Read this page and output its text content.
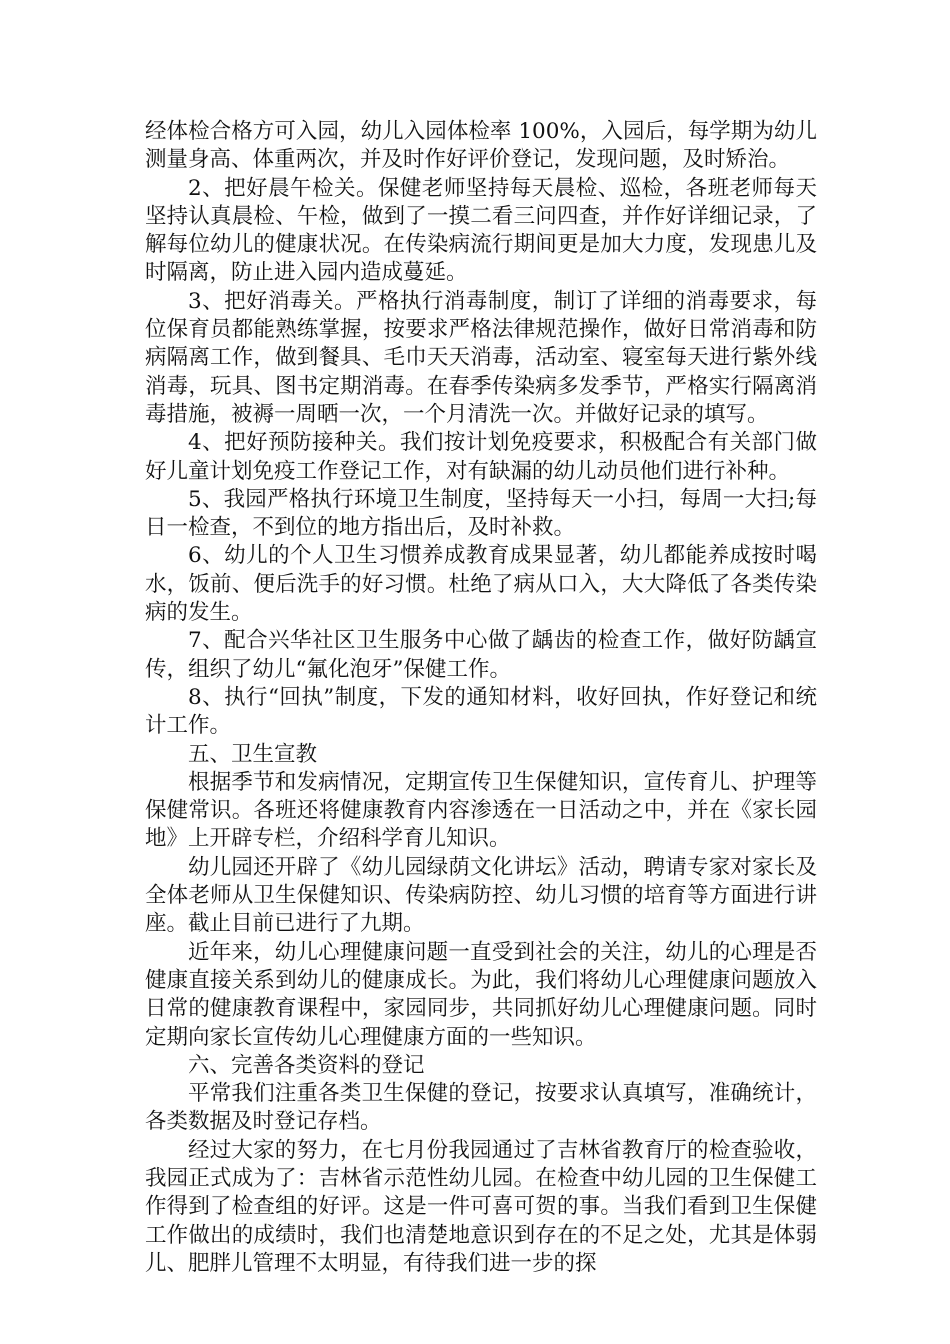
经体检合格方可入园，幼儿入园体检率 100%，入园后，每学期为幼儿测量身高、体重两次，并及时作好评价登记，发现问题，及时矫治。

2、把好晨午检关。保健老师坚持每天晨检、巡检，各班老师每天坚持认真晨检、午检，做到了一摸二看三问四查，并作好详细记录，了解每位幼儿的健康状况。在传染病流行期间更是加大力度，发现患儿及时隔离，防止进入园内造成蔓延。

3、把好消毒关。严格执行消毒制度，制订了详细的消毒要求，每位保育员都能熟练掌握，按要求严格法律规范操作，做好日常消毒和防病隔离工作，做到餐具、毛巾天天消毒，活动室、寝室每天进行紫外线消毒，玩具、图书定期消毒。在春季传染病多发季节，严格实行隔离消毒措施，被褥一周晒一次，一个月清洗一次。并做好记录的填写。

4、把好预防接种关。我们按计划免疫要求，积极配合有关部门做好儿童计划免疫工作登记工作，对有缺漏的幼儿动员他们进行补种。

5、我园严格执行环境卫生制度，坚持每天一小扫，每周一大扫;每日一检查，不到位的地方指出后，及时补救。

6、幼儿的个人卫生习惯养成教育成果显著，幼儿都能养成按时喝水，饭前、便后洗手的好习惯。杜绝了病从口入，大大降低了各类传染病的发生。

7、配合兴华社区卫生服务中心做了龋齿的检查工作，做好防龋宣传，组织了幼儿“氟化泡牙”保健工作。

8、执行“回执”制度，下发的通知材料，收好回执，作好登记和统计工作。

五、卫生宣教

根据季节和发病情况，定期宣传卫生保健知识，宣传育儿、护理等保健常识。各班还将健康教育内容渗透在一日活动之中，并在《家长园地》上开辟专栏，介绍科学育儿知识。

幼儿园还开辟了《幼儿园绿荫文化讲坛》活动，聘请专家对家长及全体老师从卫生保健知识、传染病防控、幼儿习惯的培育等方面进行讲座。截止目前已进行了九期。

近年来，幼儿心理健康问题一直受到社会的关注，幼儿的心理是否健康直接关系到幼儿的健康成长。为此，我们将幼儿心理健康问题放入日常的健康教育课程中，家园同步，共同抓好幼儿心理健康问题。同时定期向家长宣传幼儿心理健康方面的一些知识。

六、完善各类资料的登记

平常我们注重各类卫生保健的登记，按要求认真填写，准确统计，各类数据及时登记存档。

经过大家的努力，在七月份我园通过了吉林省教育厅的检查验收，我园正式成为了：吉林省示范性幼儿园。在检查中幼儿园的卫生保健工作得到了检查组的好评。这是一件可喜可贺的事。当我们看到卫生保健工作做出的成绩时，我们也清楚地意识到存在的不足之处，尤其是体弱儿、肥胖儿管理不太明显，有待我们进一步的探
